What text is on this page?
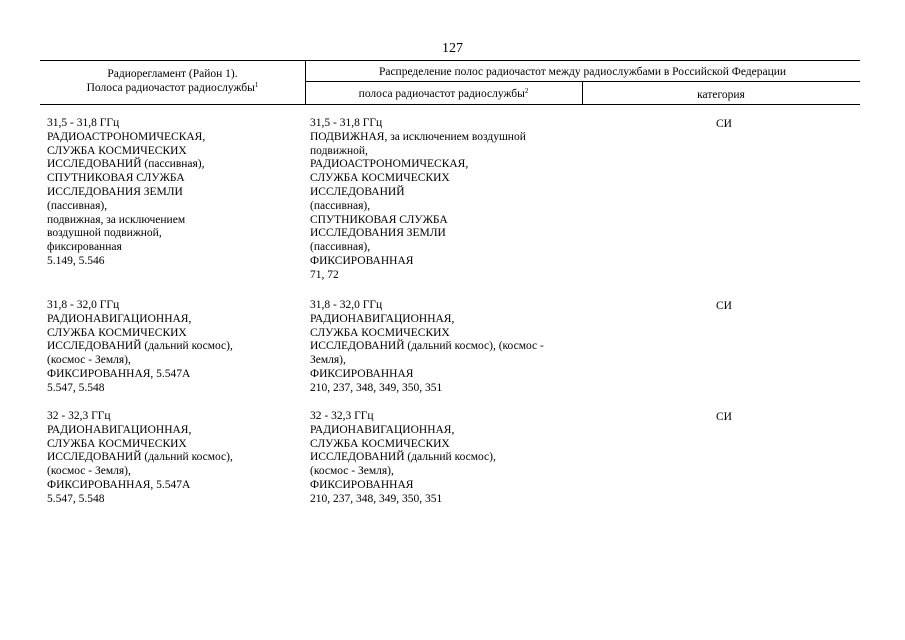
127
Радиорегламент (Район 1).
Полоса радиочастот радиослужбы$^1$
Распределение полос радиочастот между радиослужбами в Российской Федерации
полоса радиочастот радиослужбы$^2$	категория
31,5 - 31,8 ГГц
РАДИОАСТРОНОМИЧЕСКАЯ,
СЛУЖБА КОСМИЧЕСКИХ
ИССЛЕДОВАНИЙ (пассивная),
СПУТНИКОВАЯ СЛУЖБА
ИССЛЕДОВАНИЯ ЗЕМЛИ
(пассивная),
подвижная, за исключением
воздушной подвижной,
фиксированная
5.149, 5.546
31,5 - 31,8 ГГц
ПОДВИЖНАЯ, за исключением воздушной
подвижной,
РАДИОАСТРОНОМИЧЕСКАЯ,
СЛУЖБА КОСМИЧЕСКИХ
ИССЛЕДОВАНИЙ
(пассивная),
СПУТНИКОВАЯ СЛУЖБА
ИССЛЕДОВАНИЯ ЗЕМЛИ
(пассивная),
ФИКСИРОВАННАЯ
71, 72
СИ
31,8 - 32,0 ГГц
РАДИОНАВИГАЦИОННАЯ,
СЛУЖБА КОСМИЧЕСКИХ
ИССЛЕДОВАНИЙ (дальний космос),
(космос - Земля),
ФИКСИРОВАННАЯ, 5.547А
5.547, 5.548
31,8 - 32,0 ГГц
РАДИОНАВИГАЦИОННАЯ,
СЛУЖБА КОСМИЧЕСКИХ
ИССЛЕДОВАНИЙ (дальний космос), (космос -
Земля),
ФИКСИРОВАННАЯ
210, 237, 348, 349, 350, 351
СИ
32 - 32,3 ГГц
РАДИОНАВИГАЦИОННАЯ,
СЛУЖБА КОСМИЧЕСКИХ
ИССЛЕДОВАНИЙ (дальний космос),
(космос - Земля),
ФИКСИРОВАННАЯ, 5.547А
5.547, 5.548
32 - 32,3 ГГц
РАДИОНАВИГАЦИОННАЯ,
СЛУЖБА КОСМИЧЕСКИХ
ИССЛЕДОВАНИЙ (дальний космос),
(космос - Земля),
ФИКСИРОВАННАЯ
210, 237, 348, 349, 350, 351
СИ
